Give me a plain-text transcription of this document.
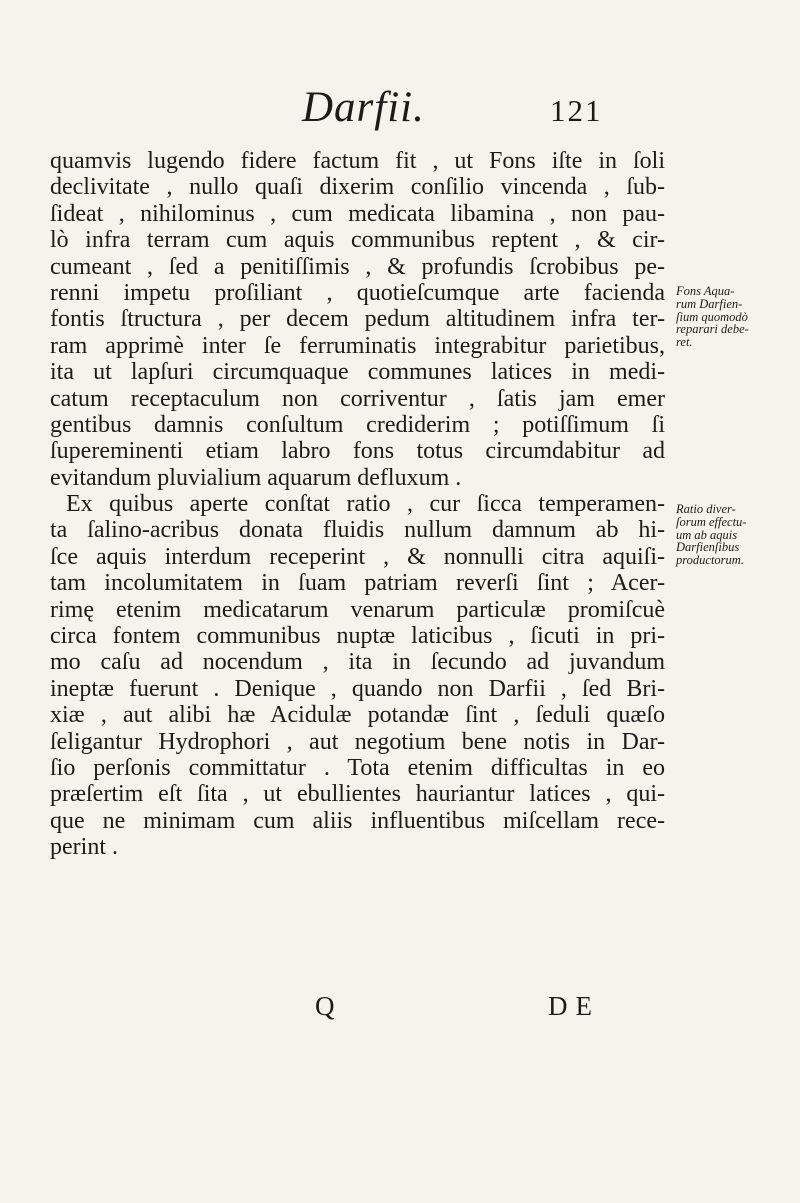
Darfii.	121
quamvis lugendo fidere factum fit , ut Fons iſte in ſoli
declivitate , nullo quaſi dixerim conſilio vincenda , ſub-
ſideat , nihilominus , cum medicata libamina , non pau-
lò infra terram cum aquis communibus reptent , & cir-
cumeant , ſed a penitiſſimis , & profundis ſcrobibus pe-
renni impetu proſiliant , quotieſcumque arte facienda
fontis ſtructura , per decem pedum altitudinem infra ter-
ram apprimè inter ſe ferruminatis integrabitur parietibus,
ita ut lapſuri circumquaque communes latices in medi-
catum receptaculum non corriventur , ſatis jam emer
gentibus damnis conſultum crediderim ; potiſſimum ſi
ſupereminenti etiam labro fons totus circumdabitur ad
evitandum pluvialium aquarum defluxum .
Ex quibus aperte conſtat ratio , cur ſicca temperamen-
ta ſalino-acribus donata fluidis nullum damnum ab hi-
ſce aquis interdum receperint , & nonnulli citra aquiſi-
tam incolumitatem in ſuam patriam reverſi ſint ; Acer-
rimę etenim medicatarum venarum particulæ promiſcuè
circa fontem communibus nuptæ laticibus , ſicuti in pri-
mo caſu ad nocendum , ita in ſecundo ad juvandum
ineptæ fuerunt . Denique , quando non Darfii , ſed Bri-
xiæ , aut alibi hæ Acidulæ potandæ ſint , ſeduli quæſo
ſeligantur Hydrophori , aut negotium bene notis in Dar-
ſio perſonis committatur . Tota etenim difficultas in eo
præſertim eſt ſita , ut ebullientes hauriantur latices , qui-
que ne minimam cum aliis influentibus miſcellam rece-
perint .
Fons Aqua-
rum Darfien-
ſium quomodò
reparari debe-
ret.
Ratio diver-
ſorum effectu-
um ab aquis
Darfienſibus
productorum.
Q	DE
